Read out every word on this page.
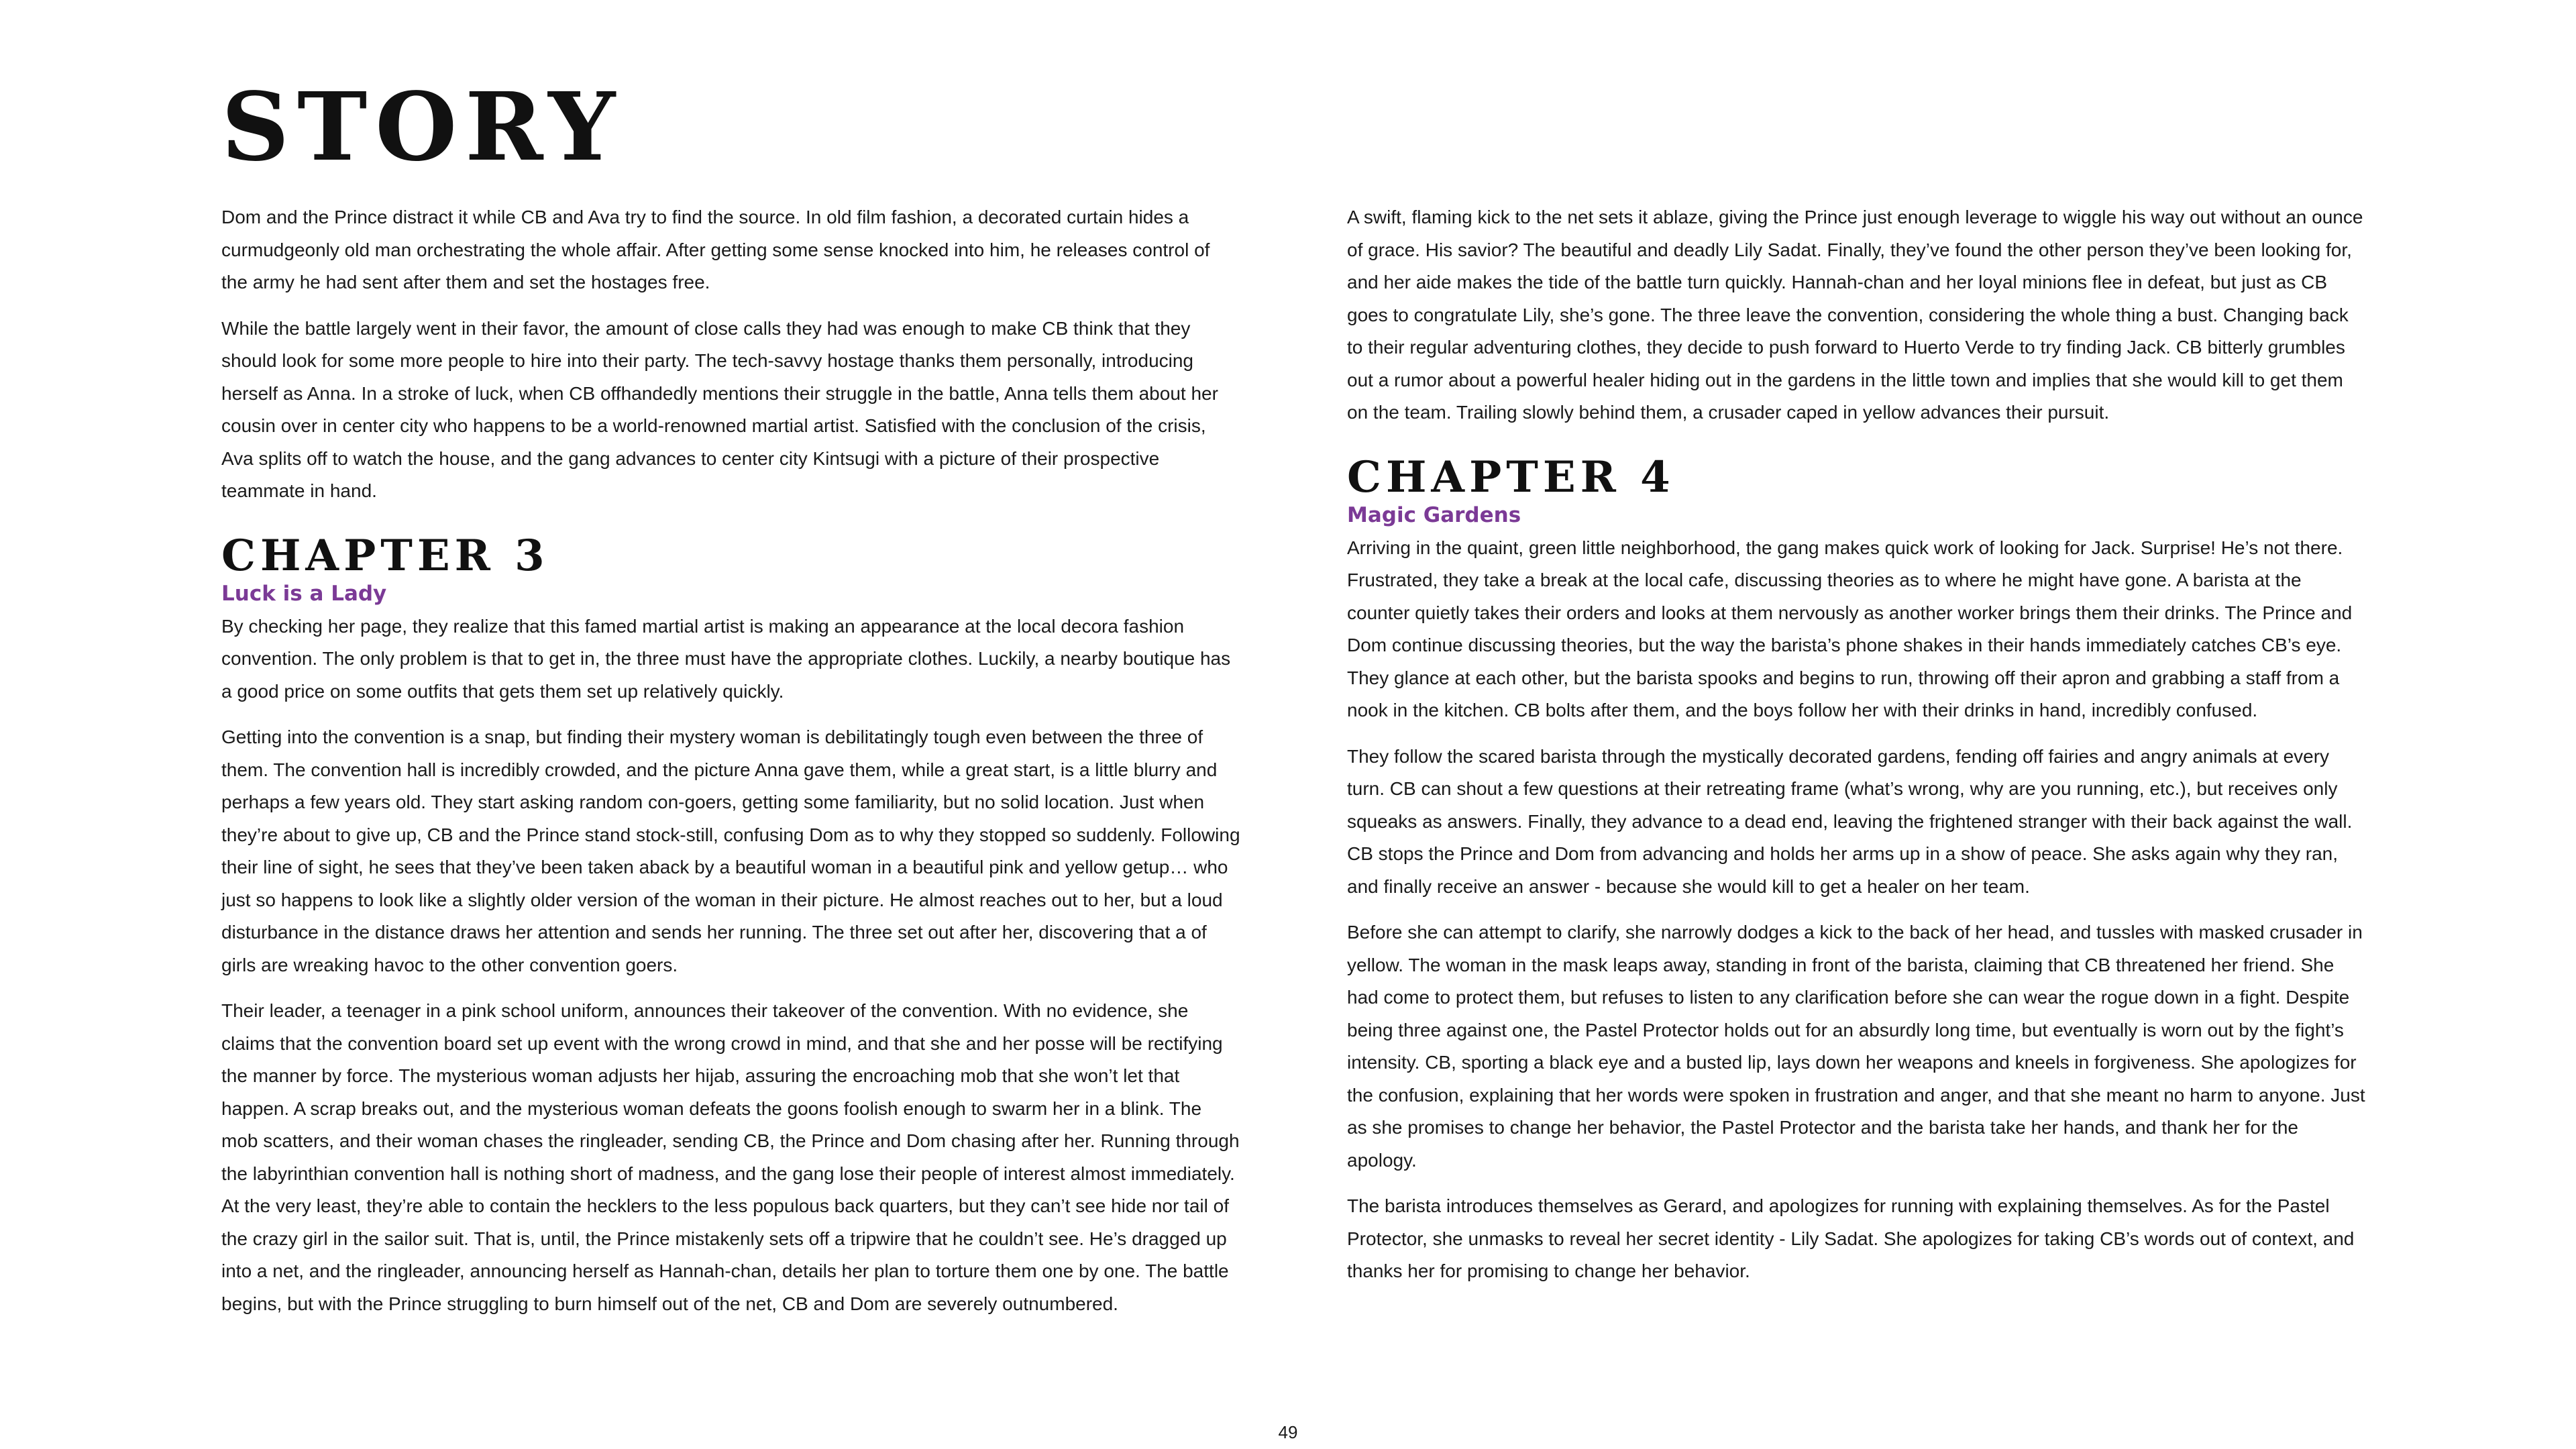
STORY

Dom and the Prince distract it while CB and Ava try to find the source. In old film fashion, a decorated curtain hides a curmudgeonly old man orchestrating the whole affair. After getting some sense knocked into him, he releases control of the army he had sent after them and set the hostages free.

While the battle largely went in their favor, the amount of close calls they had was enough to make CB think that they should look for some more people to hire into their party. The tech-savvy hostage thanks them personally, introducing herself as Anna. In a stroke of luck, when CB offhandedly mentions their struggle in the battle, Anna tells them about her cousin over in center city who happens to be a world-renowned martial artist. Satisfied with the conclusion of the crisis, Ava splits off to watch the house, and the gang advances to center city Kintsugi with a picture of their prospective teammate in hand.

CHAPTER 3
Luck is a Lady

By checking her page, they realize that this famed martial artist is making an appearance at the local decora fashion convention. The only problem is that to get in, the three must have the appropriate clothes. Luckily, a nearby boutique has a good price on some outfits that gets them set up relatively quickly.

Getting into the convention is a snap, but finding their mystery woman is debilitatingly tough even between the three of them. The convention hall is incredibly crowded, and the picture Anna gave them, while a great start, is a little blurry and perhaps a few years old. They start asking random con-goers, getting some familiarity, but no solid location. Just when they’re about to give up, CB and the Prince stand stock-still, confusing Dom as to why they stopped so suddenly. Following their line of sight, he sees that they’ve been taken aback by a beautiful woman in a beautiful pink and yellow getup… who just so happens to look like a slightly older version of the woman in their picture. He almost reaches out to her, but a loud disturbance in the distance draws her attention and sends her running. The three set out after her, discovering that a of girls are wreaking havoc to the other convention goers.

Their leader, a teenager in a pink school uniform, announces their takeover of the convention. With no evidence, she claims that the convention board set up event with the wrong crowd in mind, and that she and her posse will be rectifying the manner by force. The mysterious woman adjusts her hijab, assuring the encroaching mob that she won’t let that happen. A scrap breaks out, and the mysterious woman defeats the goons foolish enough to swarm her in a blink. The mob scatters, and their woman chases the ringleader, sending CB, the Prince and Dom chasing after her. Running through the labyrinthian convention hall is nothing short of madness, and the gang lose their people of interest almost immediately. At the very least, they’re able to contain the hecklers to the less populous back quarters, but they can’t see hide nor tail of the crazy girl in the sailor suit. That is, until, the Prince mistakenly sets off a tripwire that he couldn’t see. He’s dragged up into a net, and the ringleader, announcing herself as Hannah-chan, details her plan to torture them one by one. The battle begins, but with the Prince struggling to burn himself out of the net, CB and Dom are severely outnumbered.

A swift, flaming kick to the net sets it ablaze, giving the Prince just enough leverage to wiggle his way out without an ounce of grace. His savior? The beautiful and deadly Lily Sadat. Finally, they’ve found the other person they’ve been looking for, and her aide makes the tide of the battle turn quickly. Hannah-chan and her loyal minions flee in defeat, but just as CB goes to congratulate Lily, she’s gone. The three leave the convention, considering the whole thing a bust. Changing back to their regular adventuring clothes, they decide to push forward to Huerto Verde to try finding Jack. CB bitterly grumbles out a rumor about a powerful healer hiding out in the gardens in the little town and implies that she would kill to get them on the team. Trailing slowly behind them, a crusader caped in yellow advances their pursuit.

CHAPTER 4
Magic Gardens

Arriving in the quaint, green little neighborhood, the gang makes quick work of looking for Jack. Surprise! He’s not there. Frustrated, they take a break at the local cafe, discussing theories as to where he might have gone. A barista at the counter quietly takes their orders and looks at them nervously as another worker brings them their drinks. The Prince and Dom continue discussing theories, but the way the barista’s phone shakes in their hands immediately catches CB’s eye. They glance at each other, but the barista spooks and begins to run, throwing off their apron and grabbing a staff from a nook in the kitchen. CB bolts after them, and the boys follow her with their drinks in hand, incredibly confused.

They follow the scared barista through the mystically decorated gardens, fending off fairies and angry animals at every turn. CB can shout a few questions at their retreating frame (what’s wrong, why are you running, etc.), but receives only squeaks as answers. Finally, they advance to a dead end, leaving the frightened stranger with their back against the wall. CB stops the Prince and Dom from advancing and holds her arms up in a show of peace. She asks again why they ran, and finally receive an answer - because she would kill to get a healer on her team.

Before she can attempt to clarify, she narrowly dodges a kick to the back of her head, and tussles with masked crusader in yellow. The woman in the mask leaps away, standing in front of the barista, claiming that CB threatened her friend. She had come to protect them, but refuses to listen to any clarification before she can wear the rogue down in a fight. Despite being three against one, the Pastel Protector holds out for an absurdly long time, but eventually is worn out by the fight’s intensity. CB, sporting a black eye and a busted lip, lays down her weapons and kneels in forgiveness. She apologizes for the confusion, explaining that her words were spoken in frustration and anger, and that she meant no harm to anyone. Just as she promises to change her behavior, the Pastel Protector and the barista take her hands, and thank her for the apology.

The barista introduces themselves as Gerard, and apologizes for running with explaining themselves. As for the Pastel Protector, she unmasks to reveal her secret identity - Lily Sadat. She apologizes for taking CB’s words out of context, and thanks her for promising to change her behavior.

49
